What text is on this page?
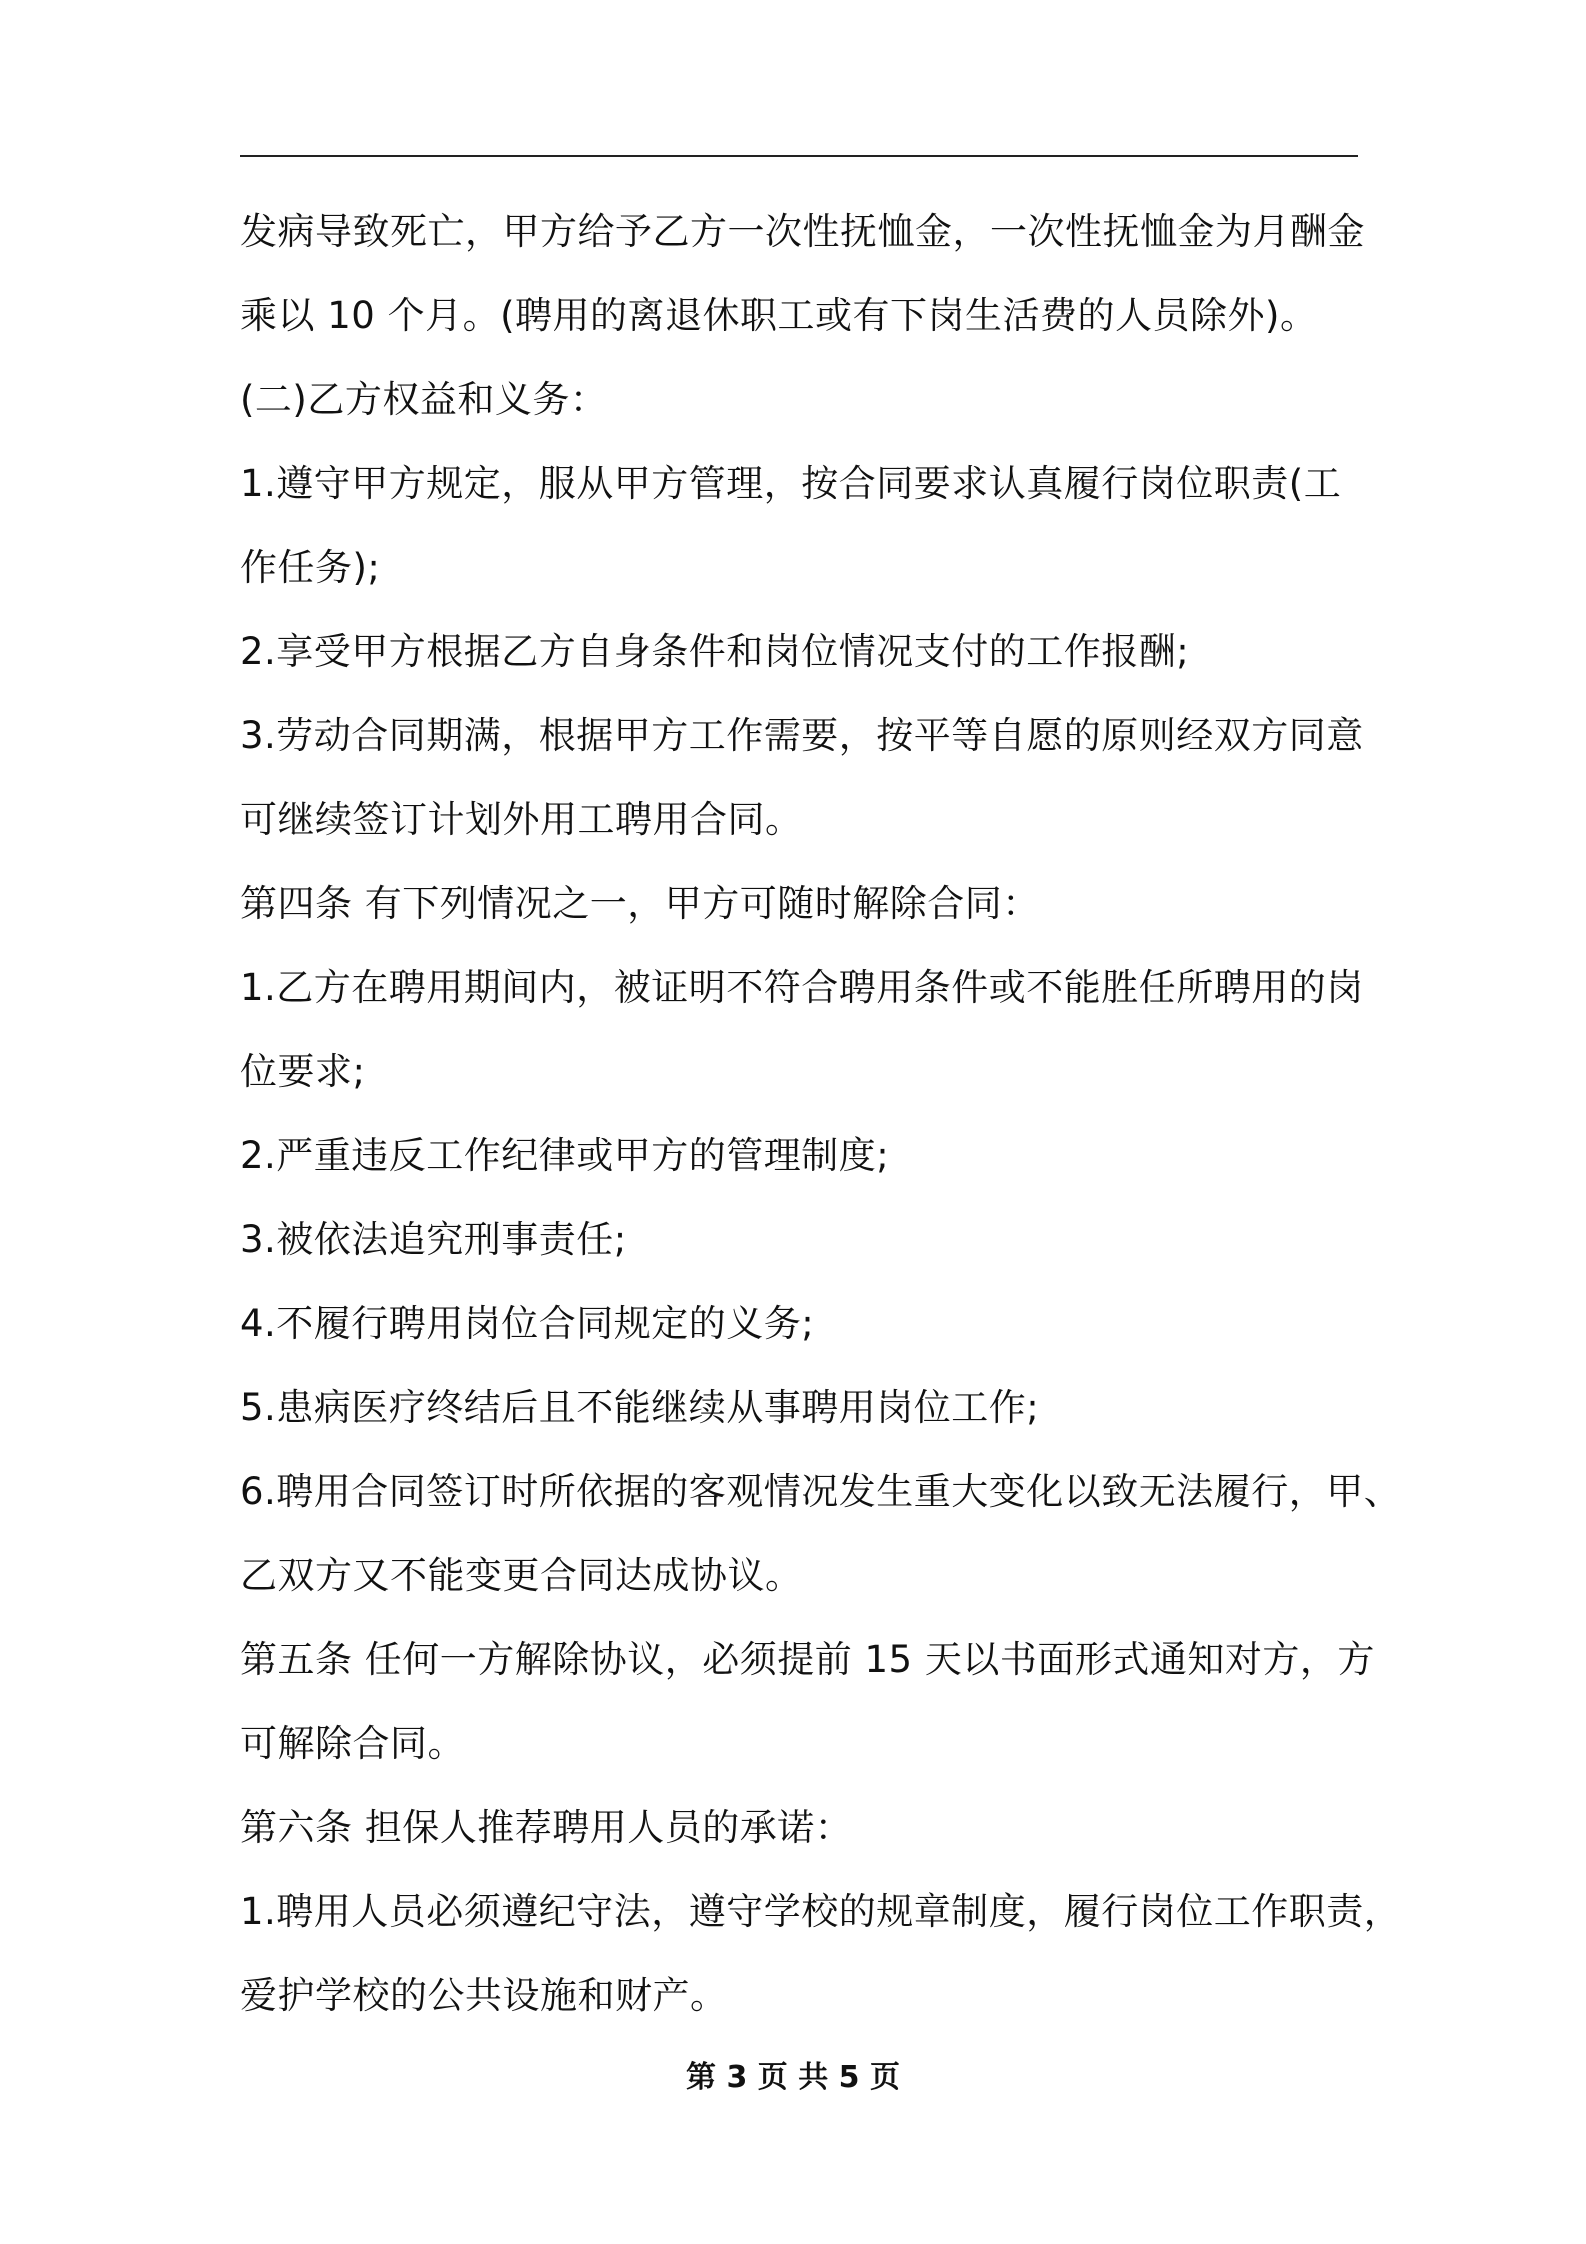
发病导致死亡，甲方给予乙方一次性抚恤金，一次性抚恤金为月酬金
乘以 10 个月。(聘用的离退休职工或有下岗生活费的人员除外)。
(二)乙方权益和义务：
1.遵守甲方规定，服从甲方管理，按合同要求认真履行岗位职责(工
作任务);
2.享受甲方根据乙方自身条件和岗位情况支付的工作报酬;
3.劳动合同期满，根据甲方工作需要，按平等自愿的原则经双方同意
可继续签订计划外用工聘用合同。
第四条 有下列情况之一，甲方可随时解除合同：
1.乙方在聘用期间内，被证明不符合聘用条件或不能胜任所聘用的岗
位要求;
2.严重违反工作纪律或甲方的管理制度;
3.被依法追究刑事责任;
4.不履行聘用岗位合同规定的义务;
5.患病医疗终结后且不能继续从事聘用岗位工作;
6.聘用合同签订时所依据的客观情况发生重大变化以致无法履行，甲、
乙双方又不能变更合同达成协议。
第五条 任何一方解除协议，必须提前 15 天以书面形式通知对方，方
可解除合同。
第六条 担保人推荐聘用人员的承诺：
1.聘用人员必须遵纪守法，遵守学校的规章制度，履行岗位工作职责，
爱护学校的公共设施和财产。
第 3 页 共 5 页
